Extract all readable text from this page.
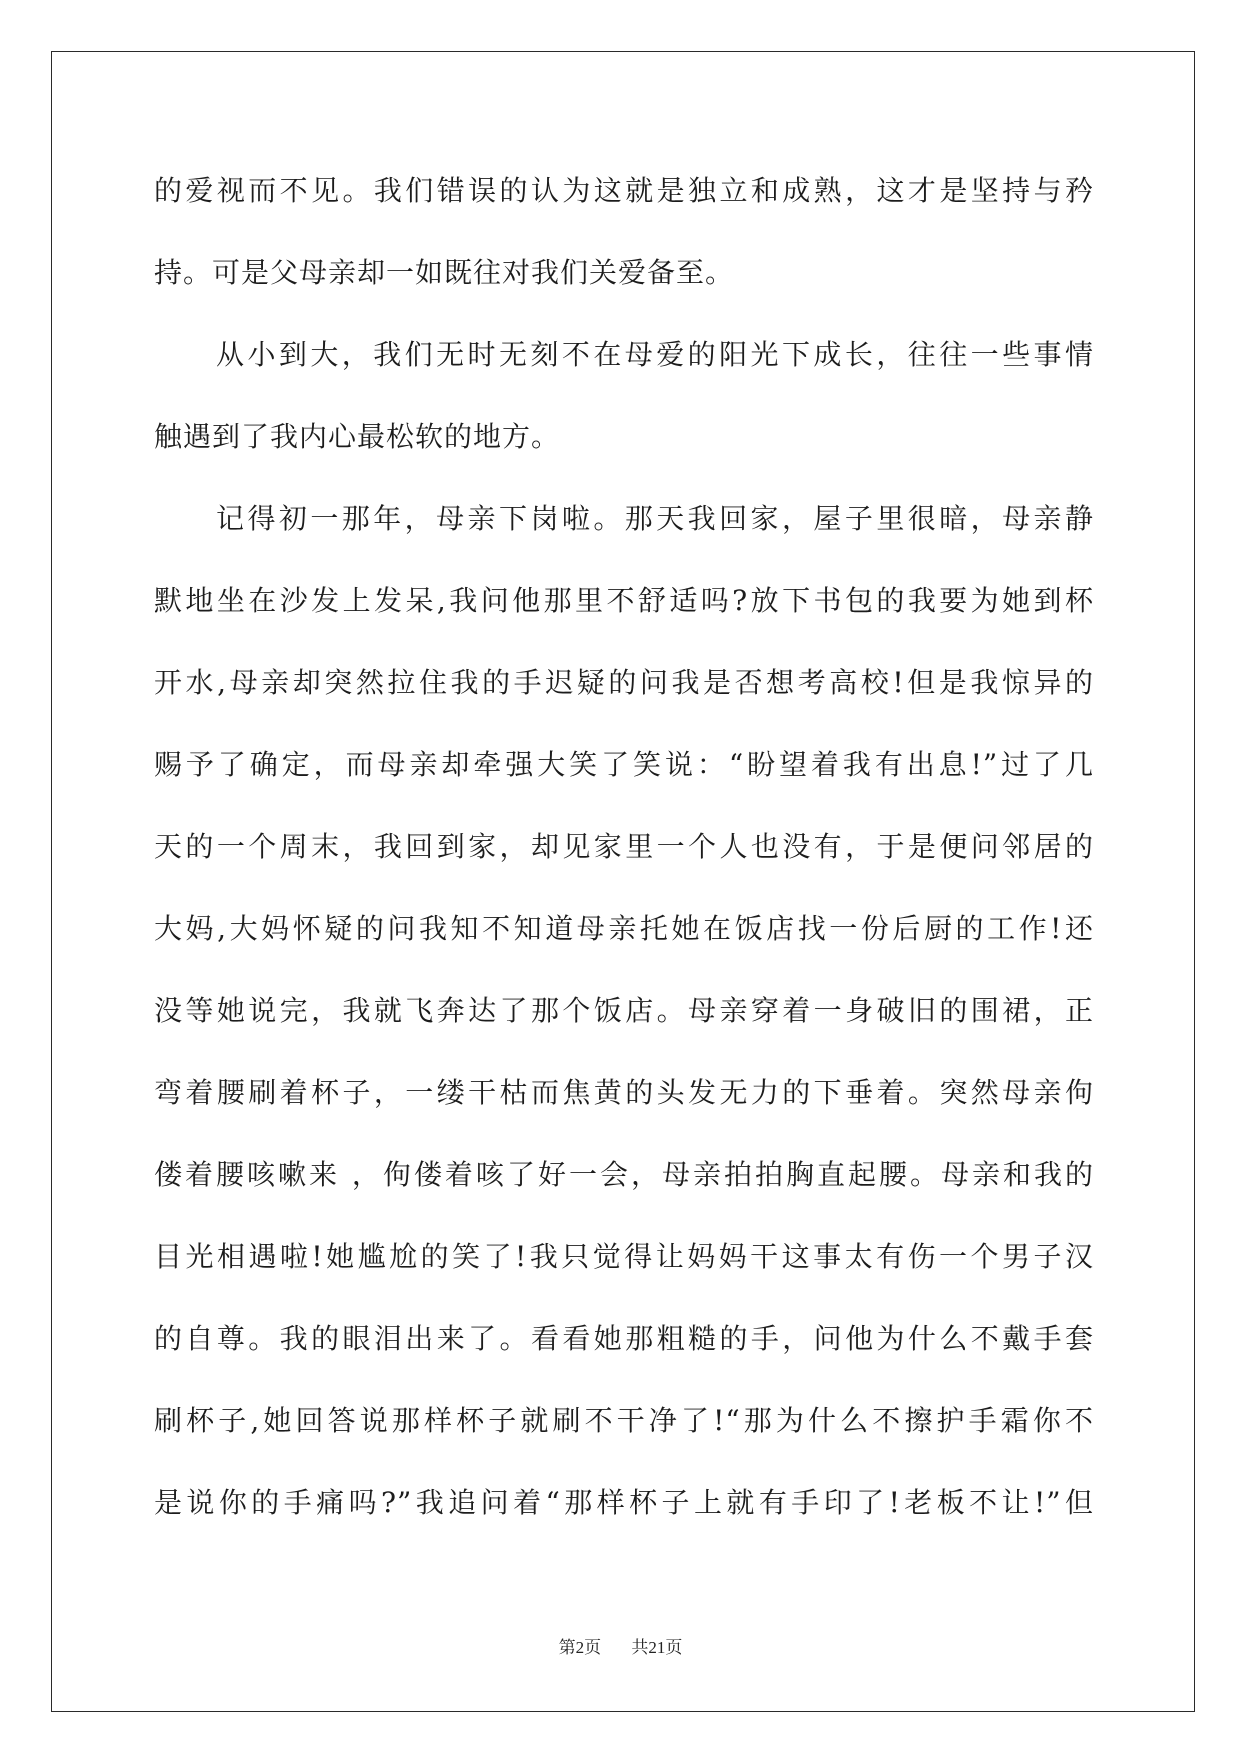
的爱视而不见。我们错误的认为这就是独立和成熟，这才是坚持与矜
持。可是父母亲却一如既往对我们关爱备至。
从小到大，我们无时无刻不在母爱的阳光下成长，往往一些事情
触遇到了我内心最松软的地方。
记得初一那年，母亲下岗啦。那天我回家，屋子里很暗，母亲静
默地坐在沙发上发呆,我问他那里不舒适吗?放下书包的我要为她到杯
开水,母亲却突然拉住我的手迟疑的问我是否想考高校!但是我惊异的
赐予了确定，而母亲却牵强大笑了笑说：“盼望着我有出息!”过了几
天的一个周末，我回到家，却见家里一个人也没有，于是便问邻居的
大妈,大妈怀疑的问我知不知道母亲托她在饭店找一份后厨的工作!还
没等她说完，我就飞奔达了那个饭店。母亲穿着一身破旧的围裙，正
弯着腰刷着杯子，一缕干枯而焦黄的头发无力的下垂着。突然母亲佝
偻着腰咳嗽来 ，佝偻着咳了好一会，母亲拍拍胸直起腰。母亲和我的
目光相遇啦!她尴尬的笑了!我只觉得让妈妈干这事太有伤一个男子汉
的自尊。我的眼泪出来了。看看她那粗糙的手，问他为什么不戴手套
刷杯子,她回答说那样杯子就刷不干净了!“那为什么不擦护手霜你不
是说你的手痛吗?”我追问着“那样杯子上就有手印了!老板不让!”但
第2页 共21页
